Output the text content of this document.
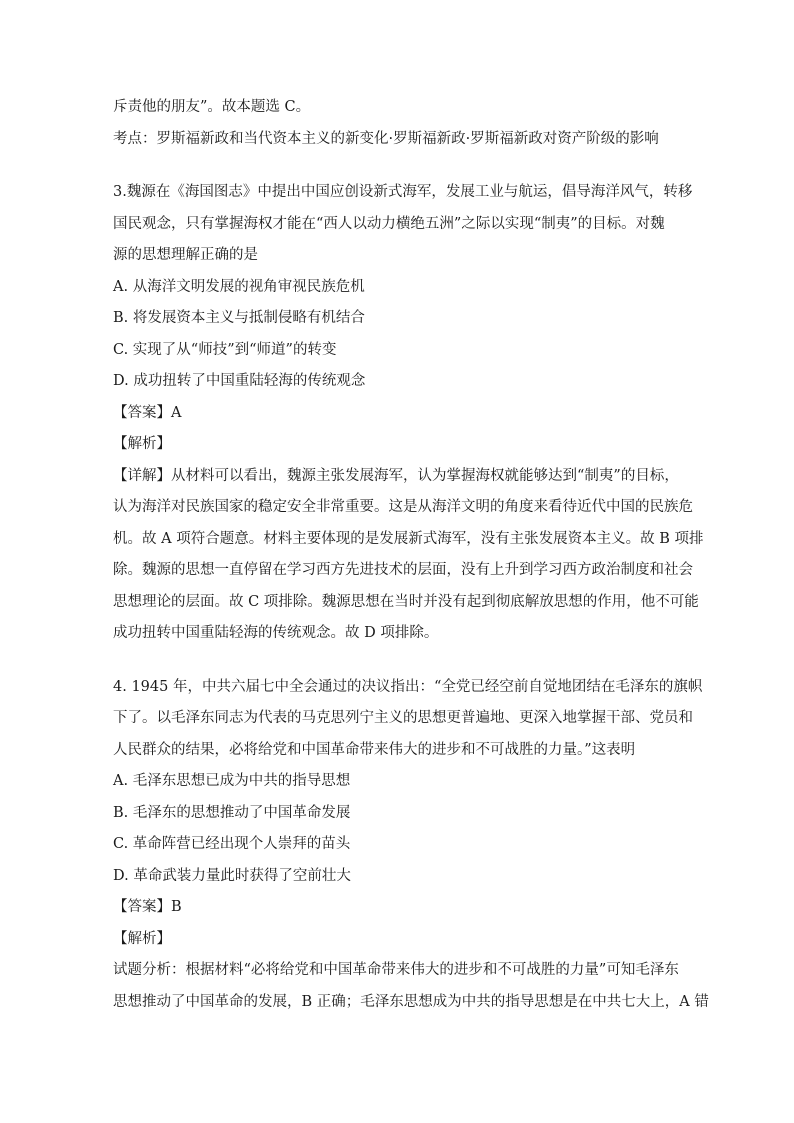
斥责他的朋友”。故本题选 C。

考点：罗斯福新政和当代资本主义的新变化·罗斯福新政·罗斯福新政对资产阶级的影响

3.魏源在《海国图志》中提出中国应创设新式海军，发展工业与航运，倡导海洋风气，转移

国民观念，只有掌握海权才能在“西人以动力横绝五洲”之际以实现“制夷”的目标。对魏

源的思想理解正确的是

A. 从海洋文明发展的视角审视民族危机

B. 将发展资本主义与抵制侵略有机结合

C. 实现了从“师技”到“师道”的转变

D. 成功扭转了中国重陆轻海的传统观念

【答案】A

【解析】

【详解】从材料可以看出，魏源主张发展海军，认为掌握海权就能够达到“制夷”的目标，

认为海洋对民族国家的稳定安全非常重要。这是从海洋文明的角度来看待近代中国的民族危

机。故 A 项符合题意。材料主要体现的是发展新式海军，没有主张发展资本主义。故 B 项排

除。魏源的思想一直停留在学习西方先进技术的层面，没有上升到学习西方政治制度和社会

思想理论的层面。故 C 项排除。魏源思想在当时并没有起到彻底解放思想的作用，他不可能

成功扭转中国重陆轻海的传统观念。故 D 项排除。

4. 1945 年，中共六届七中全会通过的决议指出：“全党已经空前自觉地团结在毛泽东的旗帜

下了。以毛泽东同志为代表的马克思列宁主义的思想更普遍地、更深入地掌握干部、党员和

人民群众的结果，必将给党和中国革命带来伟大的进步和不可战胜的力量。”这表明

A. 毛泽东思想已成为中共的指导思想

B. 毛泽东的思想推动了中国革命发展

C. 革命阵营已经出现个人崇拜的苗头

D. 革命武装力量此时获得了空前壮大

【答案】B

【解析】

试题分析：根据材料“必将给党和中国革命带来伟大的进步和不可战胜的力量”可知毛泽东

思想推动了中国革命的发展，B 正确；毛泽东思想成为中共的指导思想是在中共七大上，A 错
